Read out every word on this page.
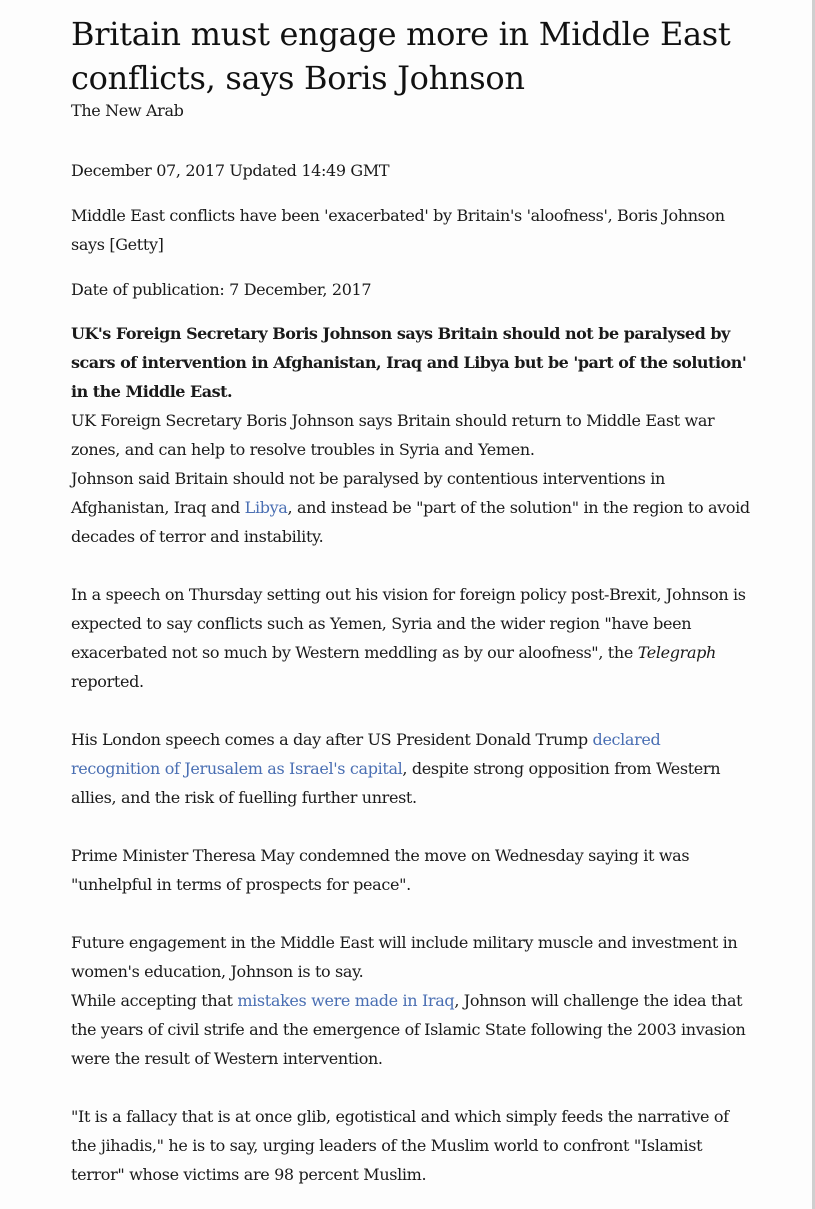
Britain must engage more in Middle East conflicts, says Boris Johnson

The New Arab

December 07, 2017 Updated 14:49 GMT

Middle East conflicts have been 'exacerbated' by Britain's 'aloofness', Boris Johnson says [Getty]

Date of publication: 7 December, 2017

UK's Foreign Secretary Boris Johnson says Britain should not be paralysed by scars of intervention in Afghanistan, Iraq and Libya but be 'part of the solution' in the Middle East.

UK Foreign Secretary Boris Johnson says Britain should return to Middle East war zones, and can help to resolve troubles in Syria and Yemen.

Johnson said Britain should not be paralysed by contentious interventions in Afghanistan, Iraq and Libya, and instead be "part of the solution" in the region to avoid decades of terror and instability.

In a speech on Thursday setting out his vision for foreign policy post-Brexit, Johnson is expected to say conflicts such as Yemen, Syria and the wider region "have been exacerbated not so much by Western meddling as by our aloofness", the Telegraph reported.

His London speech comes a day after US President Donald Trump declared recognition of Jerusalem as Israel's capital, despite strong opposition from Western allies, and the risk of fuelling further unrest.

Prime Minister Theresa May condemned the move on Wednesday saying it was "unhelpful in terms of prospects for peace".

Future engagement in the Middle East will include military muscle and investment in women's education, Johnson is to say.

While accepting that mistakes were made in Iraq, Johnson will challenge the idea that the years of civil strife and the emergence of Islamic State following the 2003 invasion were the result of Western intervention.

"It is a fallacy that is at once glib, egotistical and which simply feeds the narrative of the jihadis," he is to say, urging leaders of the Muslim world to confront "Islamist terror" whose victims are 98 percent Muslim.
